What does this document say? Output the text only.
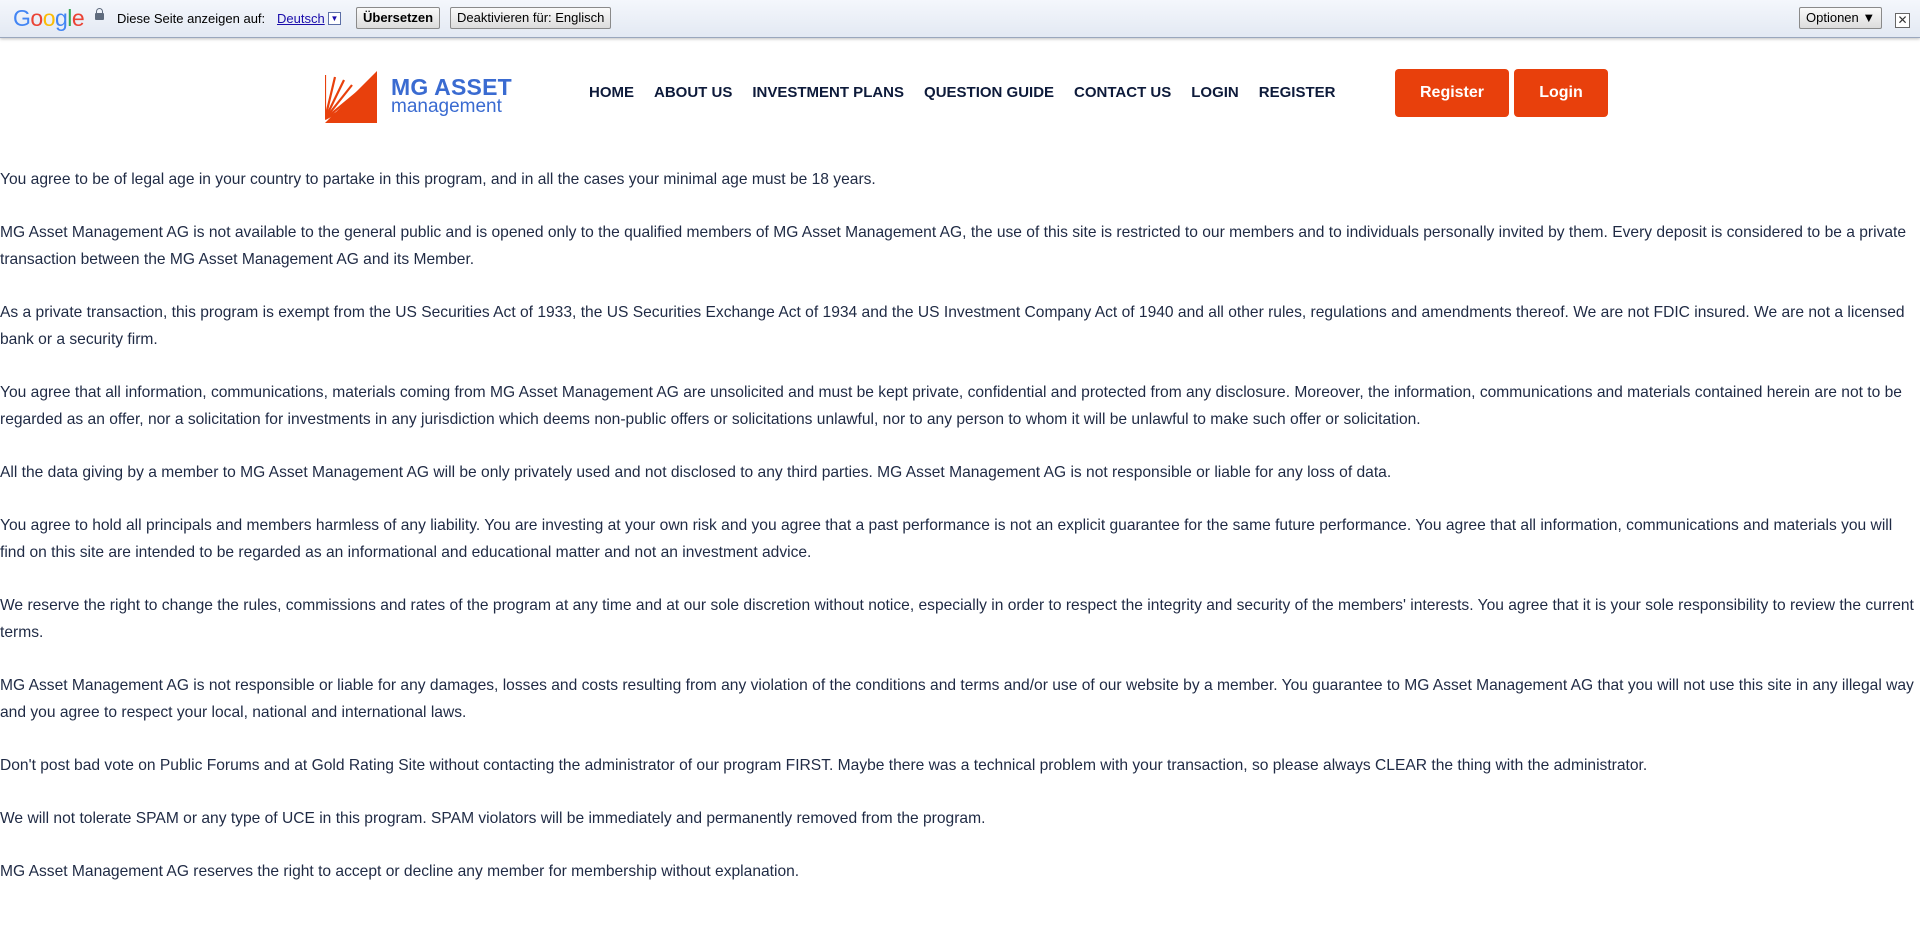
Google	Diese Seite anzeigen auf: Deutsch ▼	Übersetzen	Deaktivieren für: Englisch	Optionen ▼	✕
MG ASSET
management
HOME ABOUT US INVESTMENT PLANS QUESTION GUIDE CONTACT US LOGIN REGISTER	Register	Login

You agree to be of legal age in your country to partake in this program, and in all the cases your minimal age must be 18 years.

MG Asset Management AG is not available to the general public and is opened only to the qualified members of MG Asset Management AG, the use of this site is restricted to our members and to individuals personally invited by them. Every deposit is considered to be a private transaction between the MG Asset Management AG and its Member.

As a private transaction, this program is exempt from the US Securities Act of 1933, the US Securities Exchange Act of 1934 and the US Investment Company Act of 1940 and all other rules, regulations and amendments thereof. We are not FDIC insured. We are not a licensed bank or a security firm.

You agree that all information, communications, materials coming from MG Asset Management AG are unsolicited and must be kept private, confidential and protected from any disclosure. Moreover, the information, communications and materials contained herein are not to be regarded as an offer, nor a solicitation for investments in any jurisdiction which deems non-public offers or solicitations unlawful, nor to any person to whom it will be unlawful to make such offer or solicitation.

All the data giving by a member to MG Asset Management AG will be only privately used and not disclosed to any third parties. MG Asset Management AG is not responsible or liable for any loss of data.

You agree to hold all principals and members harmless of any liability. You are investing at your own risk and you agree that a past performance is not an explicit guarantee for the same future performance. You agree that all information, communications and materials you will find on this site are intended to be regarded as an informational and educational matter and not an investment advice.

We reserve the right to change the rules, commissions and rates of the program at any time and at our sole discretion without notice, especially in order to respect the integrity and security of the members' interests. You agree that it is your sole responsibility to review the current terms.

MG Asset Management AG is not responsible or liable for any damages, losses and costs resulting from any violation of the conditions and terms and/or use of our website by a member. You guarantee to MG Asset Management AG that you will not use this site in any illegal way and you agree to respect your local, national and international laws.

Don't post bad vote on Public Forums and at Gold Rating Site without contacting the administrator of our program FIRST. Maybe there was a technical problem with your transaction, so please always CLEAR the thing with the administrator.

We will not tolerate SPAM or any type of UCE in this program. SPAM violators will be immediately and permanently removed from the program.

MG Asset Management AG reserves the right to accept or decline any member for membership without explanation.
